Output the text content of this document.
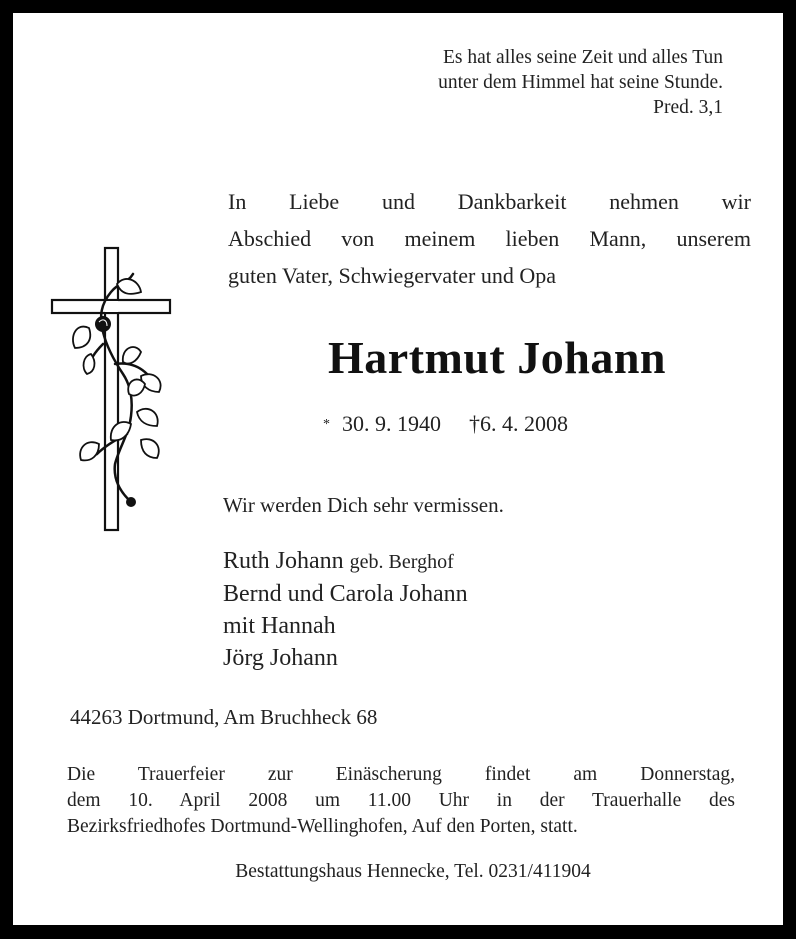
Es hat alles seine Zeit und alles Tun
unter dem Himmel hat seine Stunde.
Pred. 3,1
In Liebe und Dankbarkeit nehmen wir
Abschied von meinem lieben Mann, unserem
guten Vater, Schwiegervater und Opa
Hartmut Johann
* 30. 9. 1940 †6. 4. 2008
Wir werden Dich sehr vermissen.
Ruth Johann geb. Berghof
Bernd und Carola Johann
mit Hannah
Jörg Johann
44263 Dortmund, Am Bruchheck 68
Die Trauerfeier zur Einäscherung findet am Donnerstag,
dem 10. April 2008 um 11.00 Uhr in der Trauerhalle des
Bezirksfriedhofes Dortmund-Wellinghofen, Auf den Porten, statt.
Bestattungshaus Hennecke, Tel. 0231/411904
